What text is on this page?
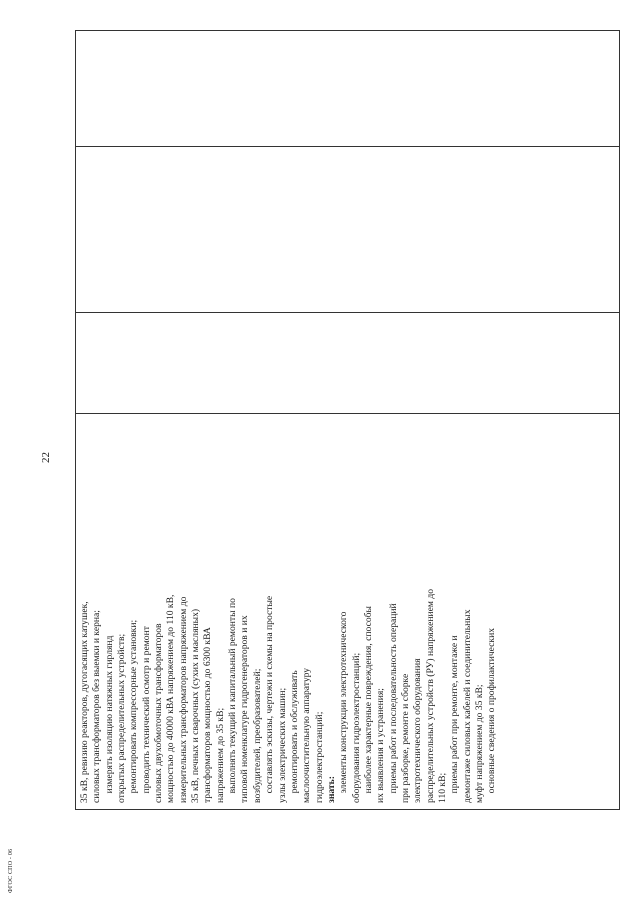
ФГОС СПО - 06
22
35 кВ, ревизию реакторов, дугогасящих катушек, силовых трансформаторов без выемки и керна; измерять изоляцию натяжных гирлянд открытых распределительных устройств; ремонтировать компрессорные установки; проводить технический осмотр и ремонт силовых двухобмоточных трансформаторов мощностью до 40000 кВА напряжением до 110 кВ, измерительных трансформаторов напряжением до 35 кВ, печных и сварочных (сухих и масляных) трансформаторов мощностью до 6300 кВА напряжением до 35 кВ; выполнять текущий и капитальный ремонты по типовой номенклатуре гидрогенераторов и их возбудителей, преобразователей; составлять эскизы, чертежи и схемы на простые узлы электрических машин; ремонтировать и обслуживать маслоочистительную аппаратуру гидроэлектростанций; знать: элементы конструкции электротехнического оборудования гидроэлектростанций; наиболее характерные повреждения, способы их выявления и устранения; приемы работ и последовательность операций при разборке, ремонте и сборке электротехнического оборудования распределительных устройств (РУ) напряжением до 110 кВ; приемы работ при ремонте, монтаже и демонтаже силовых кабелей и соединительных муфт напряжением до 35 кВ; основные сведения о профилактических
